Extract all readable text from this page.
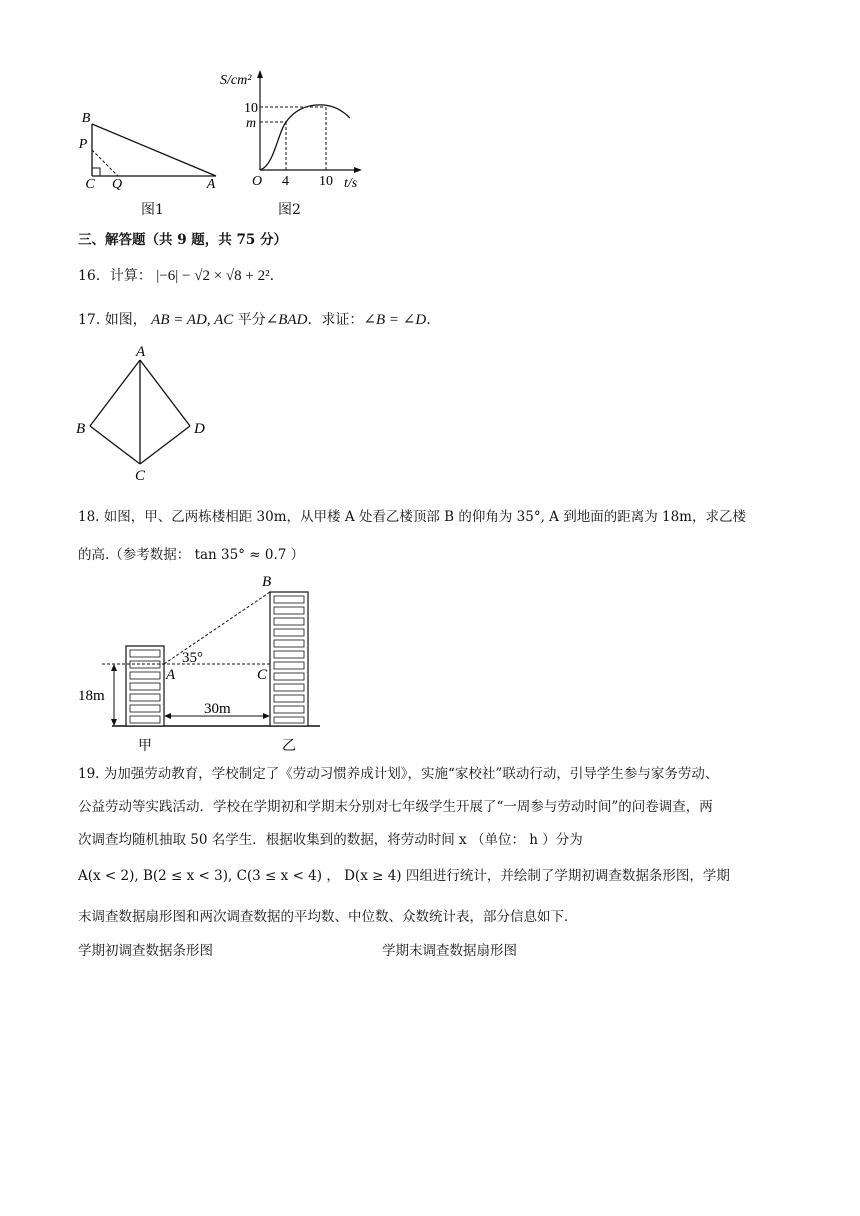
B
P
C Q	A
图1
S/cm²
10
m
O 4 10 t/s
图2
三、解答题（共 9 题，共 75 分）
16．计算： |−6| − √2 × √8 + 2².
17. 如图， AB = AD, AC 平分∠BAD．求证：∠B = ∠D.
A
B	D
C
18. 如图，甲、乙两栋楼相距 30m，从甲楼 A 处看乙楼顶部 B 的仰角为 35°, A 到地面的距离为 18m，求乙楼
的高.（参考数据： tan 35° ≈ 0.7 ）
B
35°
A	C
18m
30m
甲	乙
19. 为加强劳动教育，学校制定了《劳动习惯养成计划》，实施“家校社”联动行动，引导学生参与家务劳动、
公益劳动等实践活动．学校在学期初和学期末分别对七年级学生开展了“一周参与劳动时间”的问卷调查，两
次调查均随机抽取 50 名学生．根据收集到的数据，将劳动时间 x （单位： h ）分为
A(x < 2), B(2 ≤ x < 3), C(3 ≤ x < 4) ， D(x ≥ 4) 四组进行统计，并绘制了学期初调查数据条形图，学期
末调查数据扇形图和两次调查数据的平均数、中位数、众数统计表，部分信息如下．
学期初调查数据条形图	学期末调查数据扇形图
